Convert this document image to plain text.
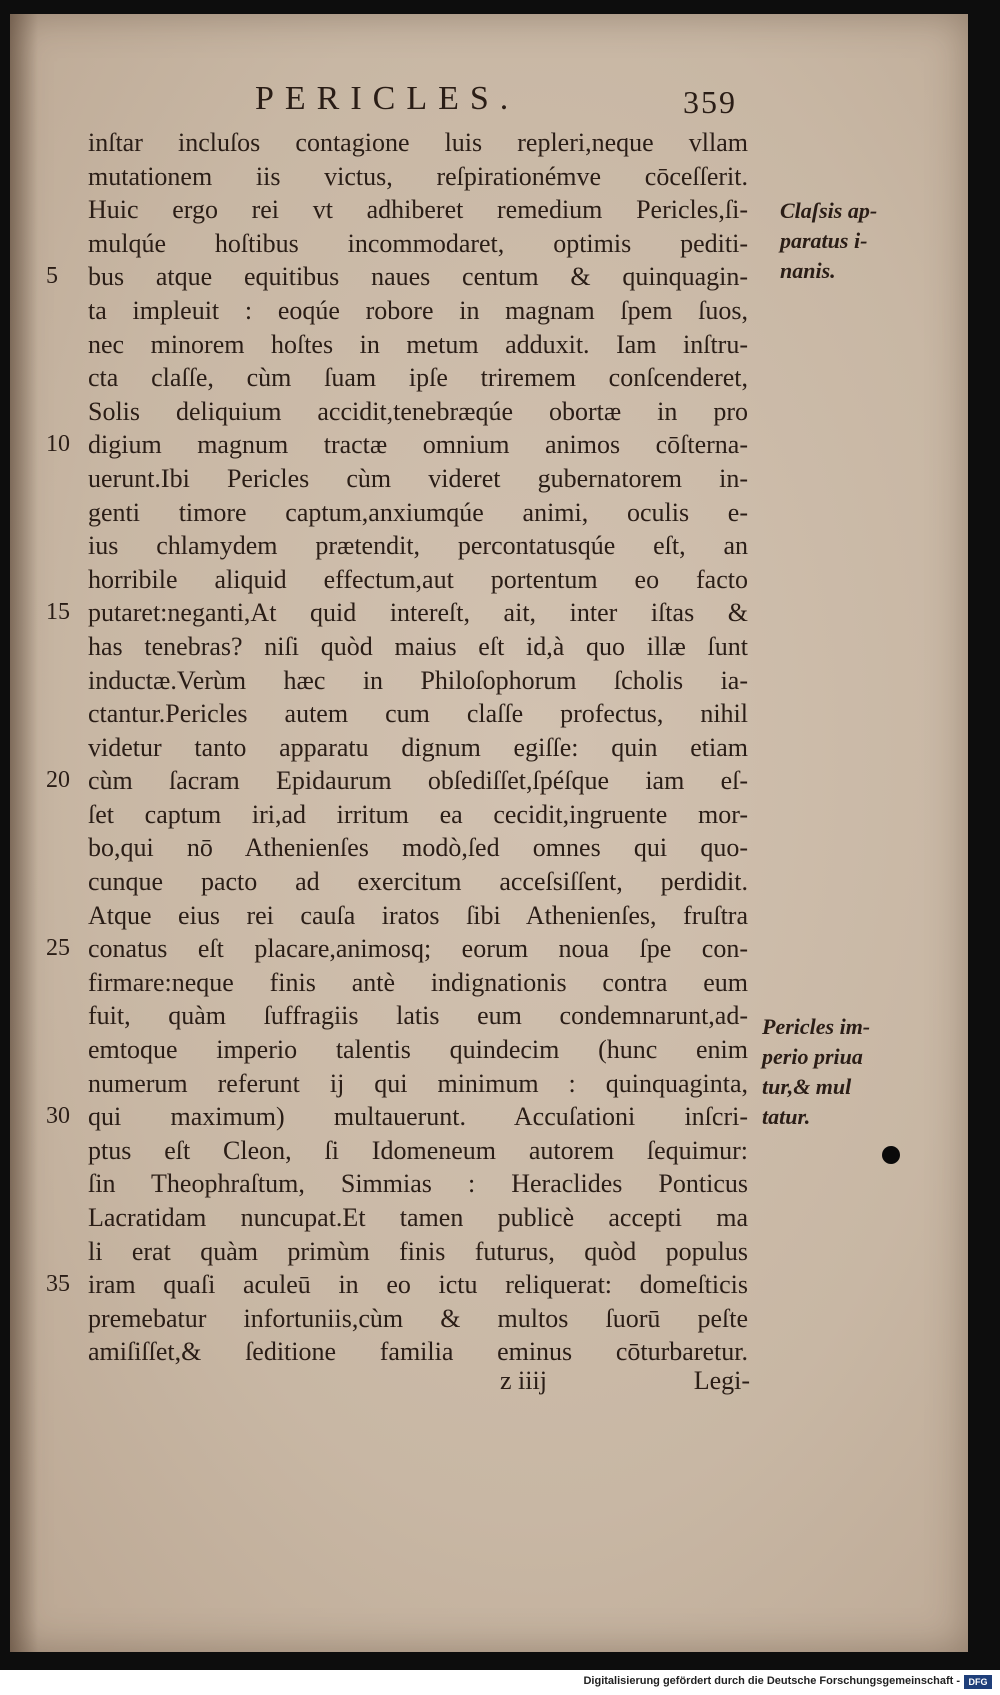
PERICLES.	359
inſtar incluſos contagione luis repleri,neque vllam
mutationem iis victus, reſpirationémve cōceſſerit.
Huic ergo rei vt adhiberet remedium Pericles,ſi-
mulqúe hoſtibus incommodaret, optimis pediti-
5	bus atque equitibus naues centum & quinquagin-
ta impleuit : eoqúe robore in magnam ſpem ſuos,
nec minorem hoſtes in metum adduxit. Iam inſtru-
cta claſſe, cùm ſuam ipſe triremem conſcenderet,
Solis deliquium accidit,tenebræqúe obortæ in pro
10 digium magnum tractæ omnium animos cōſterna-
uerunt.Ibi Pericles cùm videret gubernatorem in-
genti timore captum,anxiumqúe animi, oculis e-
ius chlamydem prætendit, percontatusqúe eſt, an
horribile aliquid effectum,aut portentum eo facto
15 putaret:neganti,At quid intereſt, ait, inter iſtas &
has tenebras? niſi quòd maius eſt id,à quo illæ ſunt
inductæ.Verùm hæc in Philoſophorum ſcholis ia-
ctantur.Pericles autem cum claſſe profectus, nihil
videtur tanto apparatu dignum egiſſe: quin etiam
20 cùm ſacram Epidaurum obſediſſet,ſpéſque iam eſ-
ſet captum iri,ad irritum ea cecidit,ingruente mor-
bo,qui nō Athenienſes modò,ſed omnes qui quo-
cunque pacto ad exercitum acceſsiſſent, perdidit.
Atque eius rei cauſa iratos ſibi Athenienſes, fruſtra
25 conatus eſt placare,animosq; eorum noua ſpe con-
firmare:neque finis antè indignationis contra eum
fuit, quàm ſuffragiis latis eum condemnarunt,ad-
emtoque imperio talentis quindecim (hunc enim
numerum referunt ij qui minimum : quinquaginta,
30 qui maximum) multauerunt. Accuſationi inſcri-
ptus eſt Cleon, ſi Idomeneum autorem ſequimur:
ſin Theophraſtum, Simmias : Heraclides Ponticus
Lacratidam nuncupat.Et tamen publicè accepti ma
li erat quàm primùm finis futurus, quòd populus
35 iram quaſi aculeū in eo ictu reliquerat: domeſticis
premebatur infortuniis,cùm & multos ſuorū peſte
amiſiſſet,& ſeditione familia eminus cōturbaretur.
Claſsis ap-
paratus i-
nanis.
Pericles im-
perio priua
tur,& mul
tatur.
z iiij	Legi-
Digitalisierung gefördert durch die Deutsche Forschungsgemeinschaft - DFG
